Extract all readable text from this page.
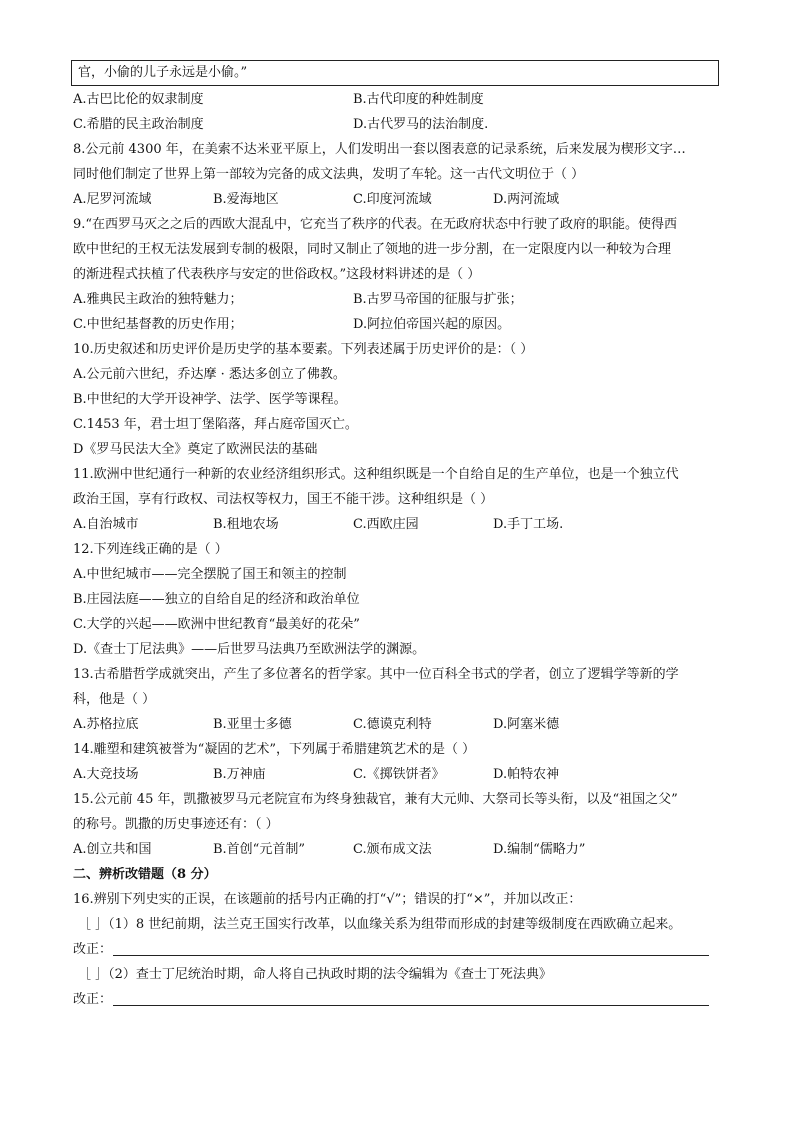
官，小偷的儿子永远是小偷。”
A.古巴比伦的奴隶制度	B.古代印度的种姓制度
C.希腊的民主政治制度	D.古代罗马的法治制度.
8.公元前 4300 年，在美索不达米亚平原上，人们发明出一套以图表意的记录系统，后来发展为楔形文字…
同时他们制定了世界上第一部较为完备的成文法典，发明了车轮。这一古代文明位于（ ）
A.尼罗河流域	B.爱海地区	C.印度河流域	D.两河流域
9.“在西罗马灭之之后的西欧大混乱中，它充当了秩序的代表。在无政府状态中行驶了政府的职能。使得西
欧中世纪的王权无法发展到专制的极限，同时又制止了领地的进一步分割，在一定限度内以一种较为合理
的渐进程式扶植了代表秩序与安定的世俗政权。”这段材料讲述的是（ ）
A.雅典民主政治的独特魅力；	B.古罗马帝国的征服与扩张；
C.中世纪基督教的历史作用；	D.阿拉伯帝国兴起的原因。
10.历史叙述和历史评价是历史学的基本要素。下列表述属于历史评价的是：（ ）
A.公元前六世纪，乔达摩 · 悉达多创立了佛教。
B.中世纪的大学开设神学、法学、医学等课程。
C.1453 年，君士坦丁堡陷落，拜占庭帝国灭亡。
D《罗马民法大全》奠定了欧洲民法的基础
11.欧洲中世纪通行一种新的农业经济组织形式。这种组织既是一个自给自足的生产单位，也是一个独立代
政治王国，享有行政权、司法权等权力，国王不能干涉。这种组织是（ ）
A.自治城市	B.租地农场	C.西欧庄园	D.手丁工场.
12.下列连线正确的是（ ）
A.中世纪城市——完全摆脱了国王和领主的控制
B.庄园法庭——独立的自给自足的经济和政治单位
C.大学的兴起——欧洲中世纪教育“最美好的花朵”
D.《查士丁尼法典》——后世罗马法典乃至欧洲法学的渊源。
13.古希腊哲学成就突出，产生了多位著名的哲学家。其中一位百科全书式的学者，创立了逻辑学等新的学
科，他是（ ）
A.苏格拉底	B.亚里士多德	C.德谟克利特	D.阿塞米德
14.雕塑和建筑被誉为“凝固的艺术”，下列属于希腊建筑艺术的是（ ）
A.大竞技场	B.万神庙	C.《掷铁饼者》	D.帕特农神
15.公元前 45 年，凯撒被罗马元老院宣布为终身独裁官，兼有大元帅、大祭司长等头衔，以及“祖国之父”
的称号。凯撒的历史事迹还有：（ ）
A.创立共和国	B.首创“元首制”	C.颁布成文法	D.编制“儒略力”
二、辨析改错题（8 分）
16.辨别下列史实的正误，在该题前的括号内正确的打“√”；错误的打“×”，并加以改正：
［ ］（1）8 世纪前期，法兰克王国实行改革，以血缘关系为组带而形成的封建等级制度在西欧确立起来。
改正：
［ ］（2）查士丁尼统治时期，命人将自己执政时期的法令编辑为《查士丁死法典》
改正：
